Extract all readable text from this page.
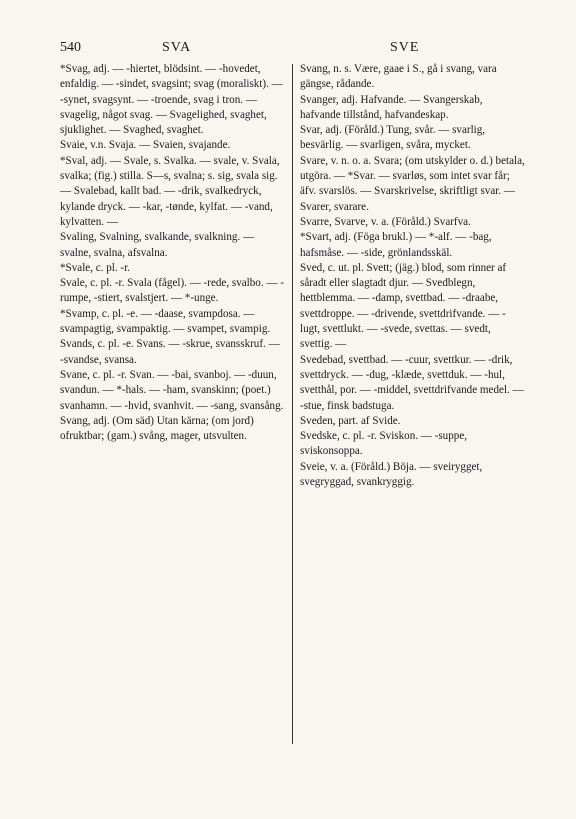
540	SVA	SVE

*Svag, adj. — -hiertet, blödsint. — -hovedet, enfaldig. — -sindet, svagsint; svag (moraliskt). — -synet, svagsynt. — -troende, svag i tron. —

svagelig, något svag. — Svagelighed, svaghet, sjuklighet. — Svaghed, svaghet.

Svaie, v.n. Svaja. — Svaien, svajande.

*Sval, adj. — Svale, s. Svalka. — svale, v. Svala, svalka; (fig.) stilla. S—s, svalna; s. sig, svala sig. — Svalebad, kallt bad. — -drik, svalkedryck, kylande dryck. — -kar, -tønde, kylfat. — -vand, kylvatten. —

Svaling, Svalning, svalkande, svalkning. — svalne, svalna, afsvalna.

*Svale, c. pl. -r.

Svale, c. pl. -r. Svala (fågel). — -rede, svalbo. — -rumpe, -stiert, svalstjert. — *-unge.

*Svamp, c. pl. -e. — -daase, svampdosa. — svampagtig, svampaktig. — svampet, svampig.

Svands, c. pl. -e. Svans. — -skrue, svansskruf. — -svandse, svansa.

Svane, c. pl. -r. Svan. — -bai, svanboj. — -duun, svandun. — *-hals. — -ham, svanskinn; (poet.) svanhamn. — -hvid, svanhvit. — -sang, svansång.

Svang, adj. (Om säd) Utan kärna; (om jord) ofruktbar; (gam.) svång, mager, utsvulten.

Svang, n. s. Være, gaae i S., gå i svang, vara gängse, rådande.

Svanger, adj. Hafvande. — Svangerskab, hafvande tillstånd, hafvandeskap.

Svar, adj. (Föråld.) Tung, svår. — svarlig, besvärlig. — svarligen, svåra, mycket.

Svare, v. n. o. a. Svara; (om utskylder o. d.) betala, utgöra. — *Svar. — svarløs, som intet svar får; äfv. svarslös. — Svarskrivelse, skriftligt svar. — Svarer, svarare.

Svarre, Svarve, v. a. (Föråld.) Svarfva.

*Svart, adj. (Föga brukl.) — *-alf. — -bag, hafsmåse. — -side, grönlandsskäl.

Sved, c. ut. pl. Svett; (jäg.) blod, som rinner af såradt eller slagtadt djur. — Svedblegn, hettblemma. — -damp, svettbad. — -draabe, svettdroppe. — -drivende, svettdrifvande. — -lugt, svettlukt. — -svede, svettas. — svedt, svettig. —

Svedebad, svettbad. — -cuur, svettkur. — -drik, svettdryck. — -dug, -klæde, svettduk. — -hul, svetthål, por. — -middel, svettdrifvande medel. — -stue, finsk badstuga.

Sveden, part. af Svide.

Svedske, c. pl. -r. Sviskon. — -suppe, sviskonsoppa.

Sveie, v. a. (Föråld.) Böja. — sveirygget, svegryggad, svankryggig.
